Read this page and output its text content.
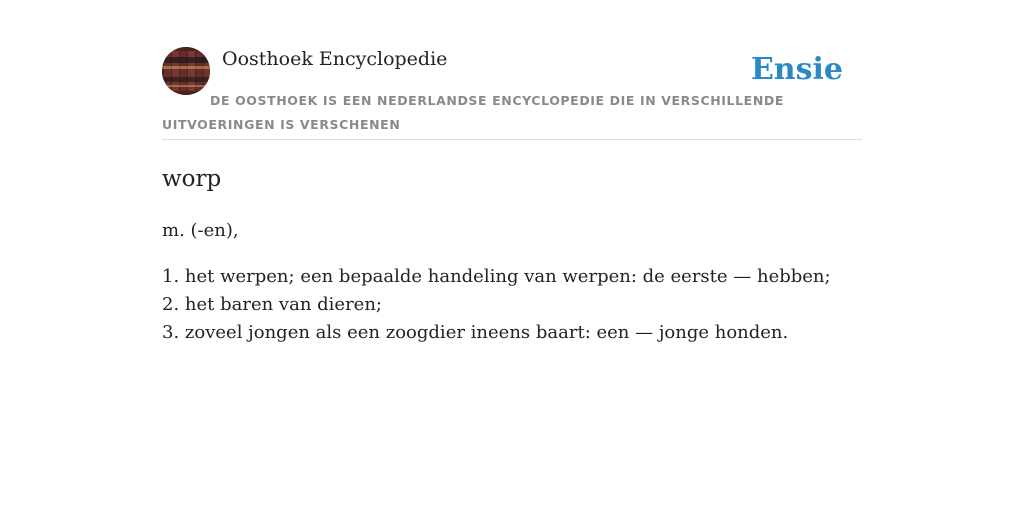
Oosthoek Encyclopedie	Ensie
DE OOSTHOEK IS EEN NEDERLANDSE ENCYCLOPEDIE DIE IN VERSCHILLENDE UITVOERINGEN IS VERSCHENEN
worp

m. (-en),

1. het werpen; een bepaalde handeling van werpen: de eerste — hebben;
2. het baren van dieren;
3. zoveel jongen als een zoogdier ineens baart: een — jonge honden.
